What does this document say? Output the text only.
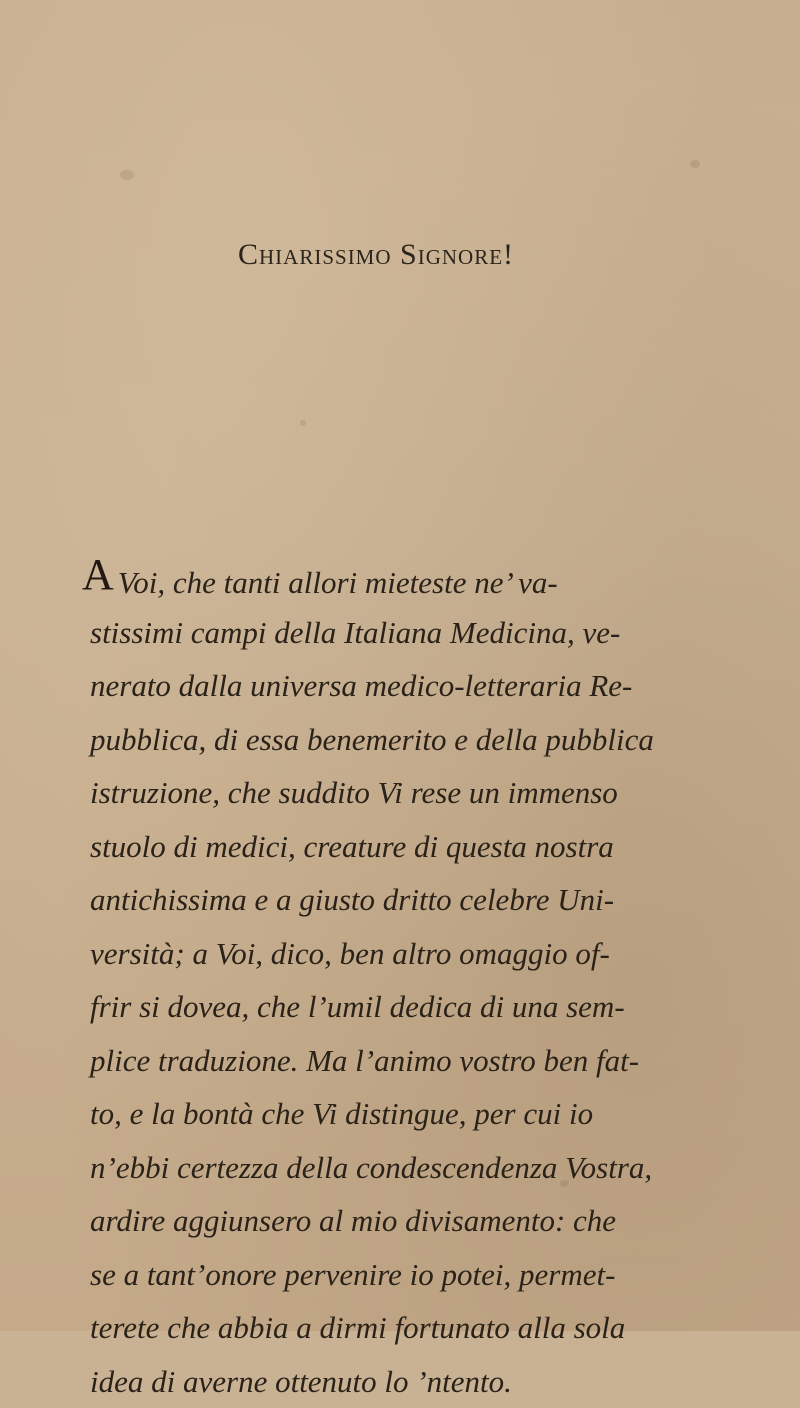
Chiarissimo Signore!
A Voi, che tanti allori mieteste ne’ va-
stissimi campi della Italiana Medicina, ve-
nerato dalla universa medico-letteraria Re-
pubblica, di essa benemerito e della pubblica
istruzione, che suddito Vi rese un immenso
stuolo di medici, creature di questa nostra
antichissima e a giusto dritto celebre Uni-
versità; a Voi, dico, ben altro omaggio of-
frir si dovea, che l’umil dedica di una sem-
plice traduzione. Ma l’animo vostro ben fat-
to, e la bontà che Vi distingue, per cui io
n’ebbi certezza della condescendenza Vostra,
ardire aggiunsero al mio divisamento: che
se a tant’onore pervenire io potei, permet-
terete che abbia a dirmi fortunato alla sola
idea di averne ottenuto lo ’ntento.
